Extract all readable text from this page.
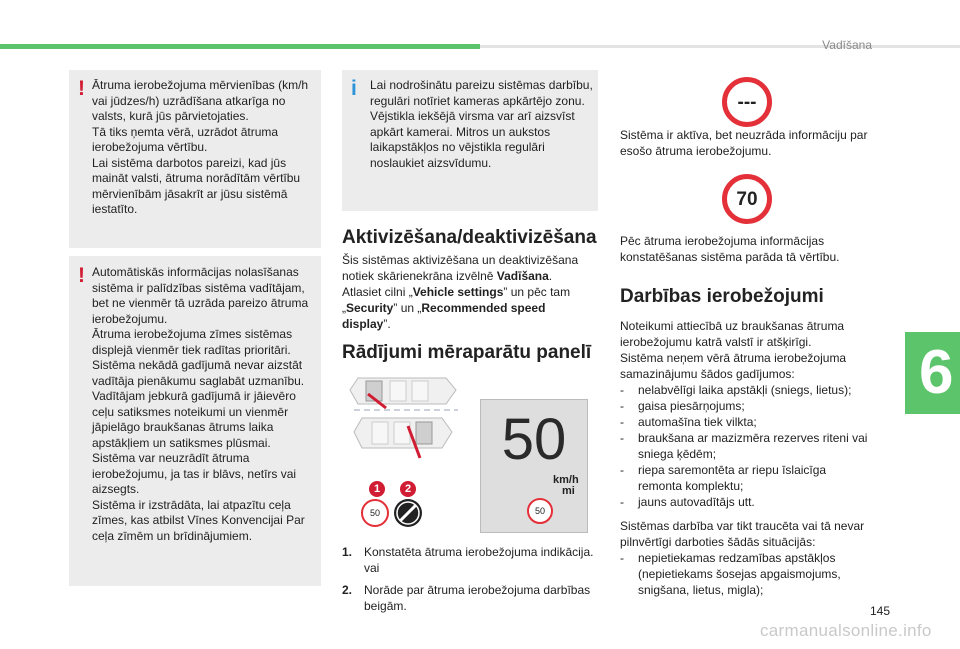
Vadīšana
6
! Ātruma ierobežojuma mērvienības (km/h
vai jūdzes/h) uzrādīšana atkarīga no
valsts, kurā jūs pārvietojaties.
Tā tiks ņemta vērā, uzrādot ātruma
ierobežojuma vērtību.
Lai sistēma darbotos pareizi, kad jūs
maināt valsti, ātruma norādītām vērtību
mērvienībām jāsakrīt ar jūsu sistēmā
iestatīto.

! Automātiskās informācijas nolasīšanas
sistēma ir palīdzības sistēma vadītājam,
bet ne vienmēr tā uzrāda pareizo ātruma
ierobežojumu.
Ātruma ierobežojuma zīmes sistēmas
displejā vienmēr tiek radītas prioritāri.
Sistēma nekādā gadījumā nevar aizstāt
vadītāja pienākumu saglabāt uzmanību.
Vadītājam jebkurā gadījumā ir jāievēro
ceļu satiksmes noteikumi un vienmēr
jāpielāgo braukšanas ātrums laika
apstākļiem un satiksmes plūsmai.
Sistēma var neuzrādīt ātruma
ierobežojumu, ja tas ir blāvs, netīrs vai
aizsegts.
Sistēma ir izstrādāta, lai atpazītu ceļa
zīmes, kas atbilst Vīnes Konvencijai Par
ceļa zīmēm un brīdinājumiem.

i Lai nodrošinātu pareizu sistēmas darbību,
regulāri notīriet kameras apkārtējo zonu.
Vējstikla iekšējā virsma var arī aizsvīst
apkārt kamerai. Mitros un aukstos
laikapstākļos no vējstikla regulāri
noslaukiet aizsvīdumu.

Aktivizēšana/deaktivizēšana

Šis sistēmas aktivizēšana un deaktivizēšana
notiek skārienekrāna izvēlnē Vadīšana.
Atlasiet cilni „Vehicle settings” un pēc tam
„Security” un „Recommended speed
display”.

Rādījumi mēraparātu panelī
1	2
50
50
km/h
mi
50
1. Konstatēta ātruma ierobežojuma indikācija.
vai
2. Norāde par ātruma ierobežojuma darbības
beigām.
---

Sistēma ir aktīva, bet neuzrāda informāciju par
esošo ātruma ierobežojumu.

70

Pēc ātruma ierobežojuma informācijas
konstatēšanas sistēma parāda tā vērtību.

Darbības ierobežojumi

Noteikumi attiecībā uz braukšanas ātruma
ierobežojumu katrā valstī ir atšķirīgi.
Sistēma neņem vērā ātruma ierobežojuma
samazinājumu šādos gadījumos:

- nelabvēlīgi laika apstākļi (sniegs, lietus);
- gaisa piesārņojums;
- automašīna tiek vilkta;
- braukšana ar mazizmēra rezerves riteni vai
sniega ķēdēm;
- riepa saremontēta ar riepu īslaicīga
remonta komplektu;
- jauns autovadītājs utt.

Sistēmas darbība var tikt traucēta vai tā nevar
pilnvērtīgi darboties šādās situācijās:

- nepietiekamas redzamības apstākļos
(nepietiekams šosejas apgaismojums,
snigšana, lietus, migla);
145
carmanualsonline.info
